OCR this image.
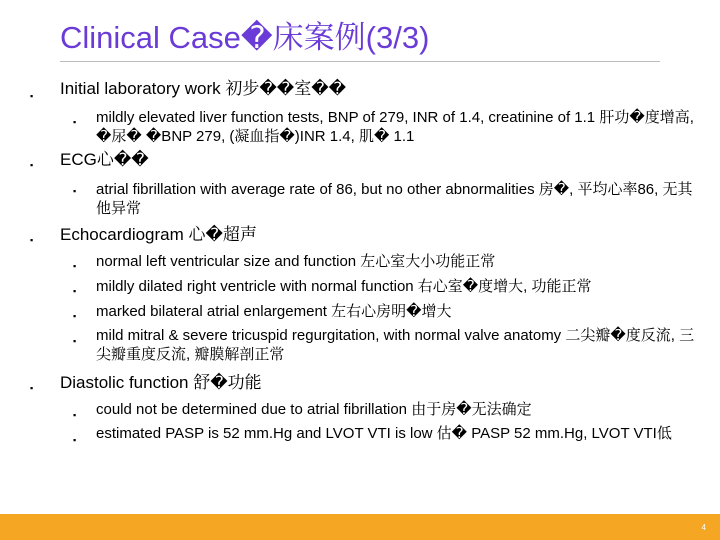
Clinical Case�床案例(3/3)
▪ Initial laboratory work 初步��室��
▪ mildly elevated liver function tests, BNP of 279, INR of 1.4, creatinine of 1.1 肝功�度增高,　�尿� �BNP 279, (凝血指�)INR 1.4, 肌� 1.1
▪ ECG心��
▪ atrial fibrillation with average rate of 86, but no other abnormalities 房�, 平均心率86, 无其他异常
▪ Echocardiogram 心�超声
▪ normal left ventricular size and function 左心室大小功能正常
▪ mildly dilated right ventricle with normal function 右心室�度增大, 功能正常
▪ marked bilateral atrial enlargement 左右心房明�增大
▪ mild mitral & severe tricuspid regurgitation, with normal valve anatomy 二尖瓣�度反流, 三尖瓣重度反流, 瓣膜解剖正常
▪ Diastolic function 舒�功能
▪ could not be determined due to atrial fibrillation 由于房�无法确定
▪ estimated PASP is 52 mm.Hg and LVOT VTI is low 估� PASP 52 mm.Hg, LVOT VTI低
4
